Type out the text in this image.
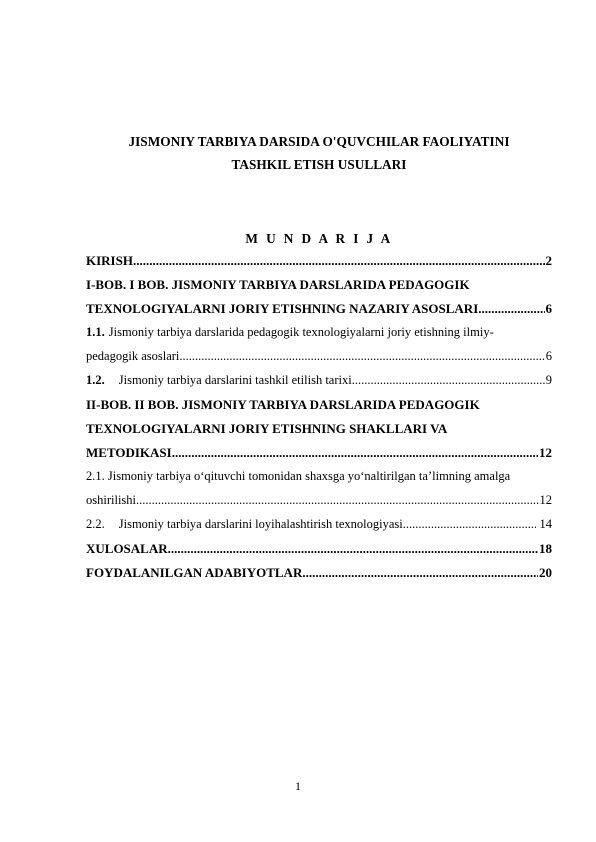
JISMONIY TARBIYA DARSIDA O'QUVCHILAR FAOLIYATINI
TASHKIL ETISH USULLARI
M U N D A R I J A
KIRISH .....	2
I-BOB. I BOB. JISMONIY TARBIYA DARSLARIDA PEDAGOGIK
TEXNOLOGIYALARNI JORIY ETISHNING NAZARIY ASOSLARI .....	6
1.1. Jismoniy tarbiya darslarida pedagogik texnologiyalarni joriy etishning ilmiy-
pedagogik asoslari .....	6
1.2. Jismoniy tarbiya darslarini tashkil etilish tarixi .....	9
II-BOB. II BOB. JISMONIY TARBIYA DARSLARIDA PEDAGOGIK
TEXNOLOGIYALARNI JORIY ETISHNING SHAKLLARI VA
METODIKASI .....	12
2.1. Jismoniy tarbiya o‘qituvchi tomonidan shaxsga yo‘naltirilgan ta’limning amalga
oshirilishi .....	12
2.2. Jismoniy tarbiya darslarini loyihalashtirish texnologiyasi .....	14
XULOSALAR .....	18
FOYDALANILGAN ADABIYOTLAR .....	20
1
